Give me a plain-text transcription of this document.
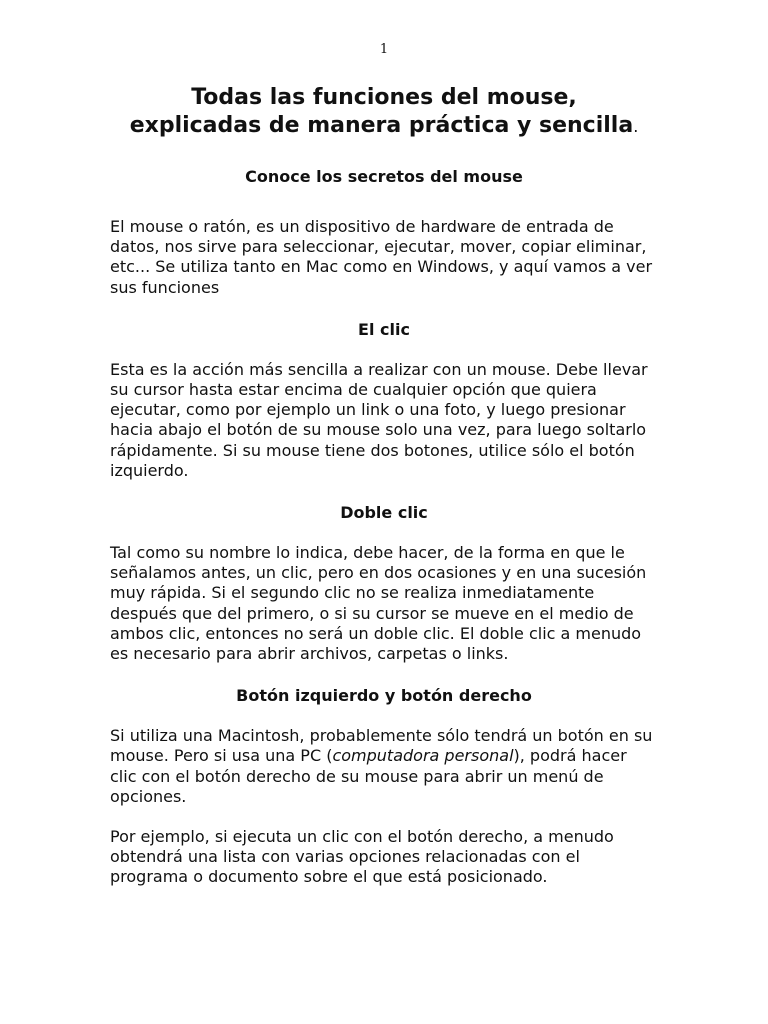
1
Todas las funciones del mouse,
explicadas de manera práctica y sencilla.

Conoce los secretos del mouse

El mouse o ratón, es un dispositivo de hardware de entrada de datos, nos sirve para seleccionar, ejecutar, mover, copiar eliminar, etc... Se utiliza tanto en Mac como en Windows, y aquí vamos a ver sus funciones

El clic

Esta es la acción más sencilla a realizar con un mouse. Debe llevar su cursor hasta estar encima de cualquier opción que quiera ejecutar, como por ejemplo un link o una foto, y luego presionar hacia abajo el botón de su mouse solo una vez, para luego soltarlo rápidamente. Si su mouse tiene dos botones, utilice sólo el botón izquierdo.

Doble clic

Tal como su nombre lo indica, debe hacer, de la forma en que le señalamos antes, un clic, pero en dos ocasiones y en una sucesión muy rápida. Si el segundo clic no se realiza inmediatamente después que del primero, o si su cursor se mueve en el medio de ambos clic, entonces no será un doble clic. El doble clic a menudo es necesario para abrir archivos, carpetas o links.

Botón izquierdo y botón derecho

Si utiliza una Macintosh, probablemente sólo tendrá un botón en su mouse. Pero si usa una PC (computadora personal), podrá hacer clic con el botón derecho de su mouse para abrir un menú de opciones.

Por ejemplo, si ejecuta un clic con el botón derecho, a menudo obtendrá una lista con varias opciones relacionadas con el programa o documento sobre el que está posicionado.
